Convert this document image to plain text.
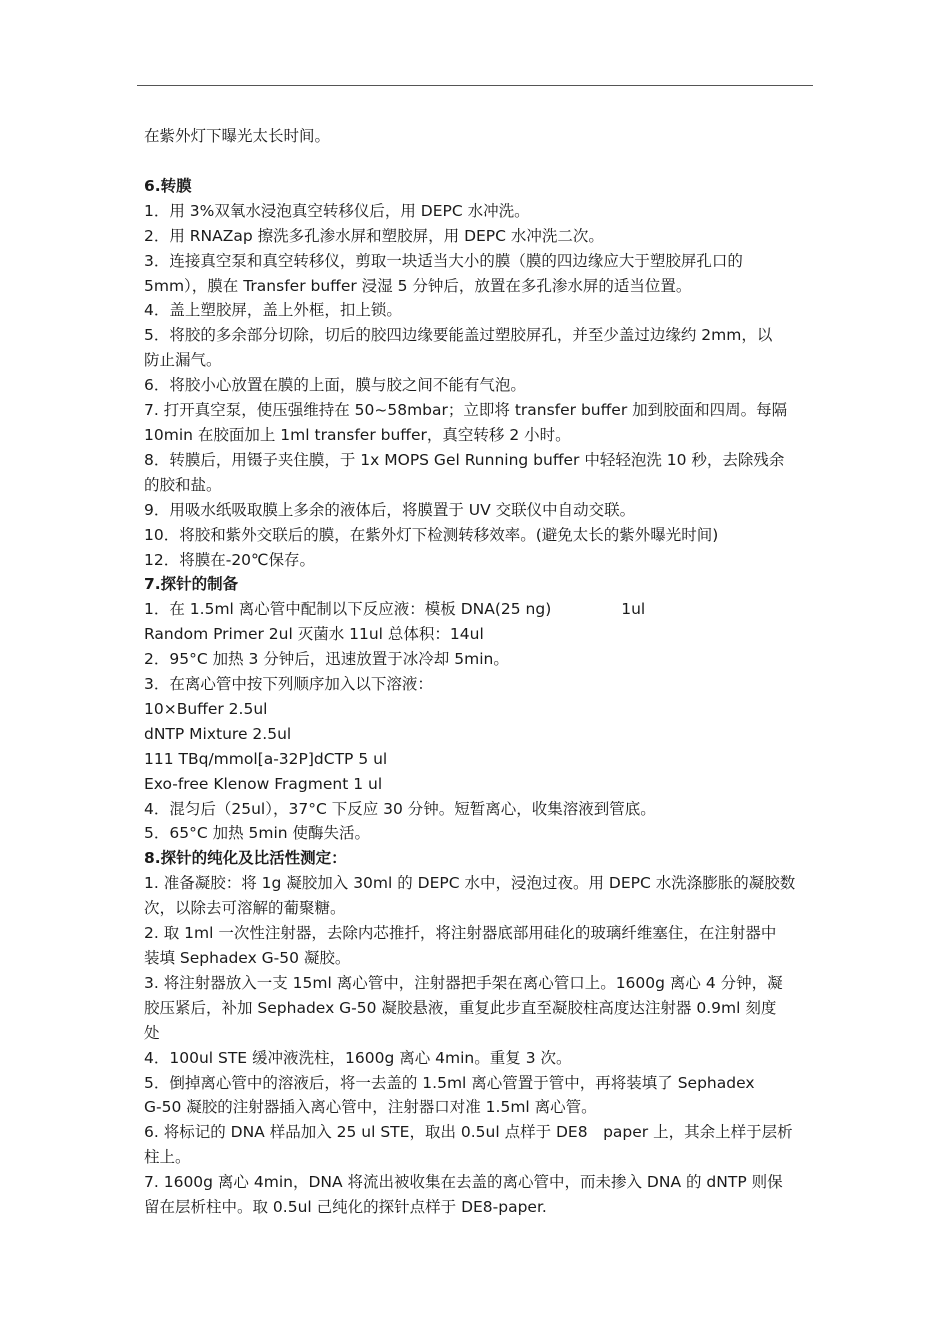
在紫外灯下曝光太长时间。
6.转膜
1．用 3%双氧水浸泡真空转移仪后，用 DEPC 水冲洗。
2．用 RNAZap 擦洗多孔渗水屏和塑胶屏，用 DEPC 水冲洗二次。
3．连接真空泵和真空转移仪，剪取一块适当大小的膜（膜的四边缘应大于塑胶屏孔口的
5mm），膜在 Transfer buffer 浸湿 5 分钟后，放置在多孔渗水屏的适当位置。
4．盖上塑胶屏，盖上外框，扣上锁。
5．将胶的多余部分切除，切后的胶四边缘要能盖过塑胶屏孔，并至少盖过边缘约 2mm，以
防止漏气。
6．将胶小心放置在膜的上面，膜与胶之间不能有气泡。
7. 打开真空泵，使压强维持在 50~58mbar；立即将 transfer buffer 加到胶面和四周。每隔
10min 在胶面加上 1ml transfer buffer，真空转移 2 小时。
8．转膜后，用镊子夹住膜，于 1x MOPS Gel Running buffer 中轻轻泡洗 10 秒，去除残余
的胶和盐。
9．用吸水纸吸取膜上多余的液体后，将膜置于 UV 交联仪中自动交联。
10．将胶和紫外交联后的膜，在紫外灯下检测转移效率。(避免太长的紫外曝光时间)
12．将膜在-20℃保存。
7.探针的制备
1．在 1.5ml 离心管中配制以下反应液：模板 DNA(25 ng)	1ul
Random Primer 2ul 灭菌水 11ul 总体积：14ul
2．95°C 加热 3 分钟后，迅速放置于冰冷却 5min。
3．在离心管中按下列顺序加入以下溶液：
10×Buffer 2.5ul
dNTP Mixture 2.5ul
111 TBq/mmol[a-32P]dCTP 5 ul
Exo-free Klenow Fragment 1 ul
4．混匀后（25ul），37°C 下反应 30 分钟。短暂离心，收集溶液到管底。
5．65°C 加热 5min 使酶失活。
8.探针的纯化及比活性测定：
1. 准备凝胶：将 1g 凝胶加入 30ml 的 DEPC 水中，浸泡过夜。用 DEPC 水洗涤膨胀的凝胶数
次，以除去可溶解的葡聚糖。
2. 取 1ml 一次性注射器，去除内芯推扦，将注射器底部用硅化的玻璃纤维塞住，在注射器中
装填 Sephadex G-50 凝胶。
3. 将注射器放入一支 15ml 离心管中，注射器把手架在离心管口上。1600g 离心 4 分钟，凝
胶压紧后，补加 Sephadex G-50 凝胶悬液，重复此步直至凝胶柱高度达注射器 0.9ml 刻度
处
4．100ul STE 缓冲液洗柱，1600g 离心 4min。重复 3 次。
5．倒掉离心管中的溶液后，将一去盖的 1.5ml 离心管置于管中，再将装填了 Sephadex
G-50 凝胶的注射器插入离心管中，注射器口对准 1.5ml 离心管。
6. 将标记的 DNA 样品加入 25 ul STE，取出 0.5ul 点样于 DE8　paper 上，其余上样于层析
柱上。
7. 1600g 离心 4min，DNA 将流出被收集在去盖的离心管中，而未掺入 DNA 的 dNTP 则保
留在层析柱中。取 0.5ul 己纯化的探针点样于 DE8-paper.
